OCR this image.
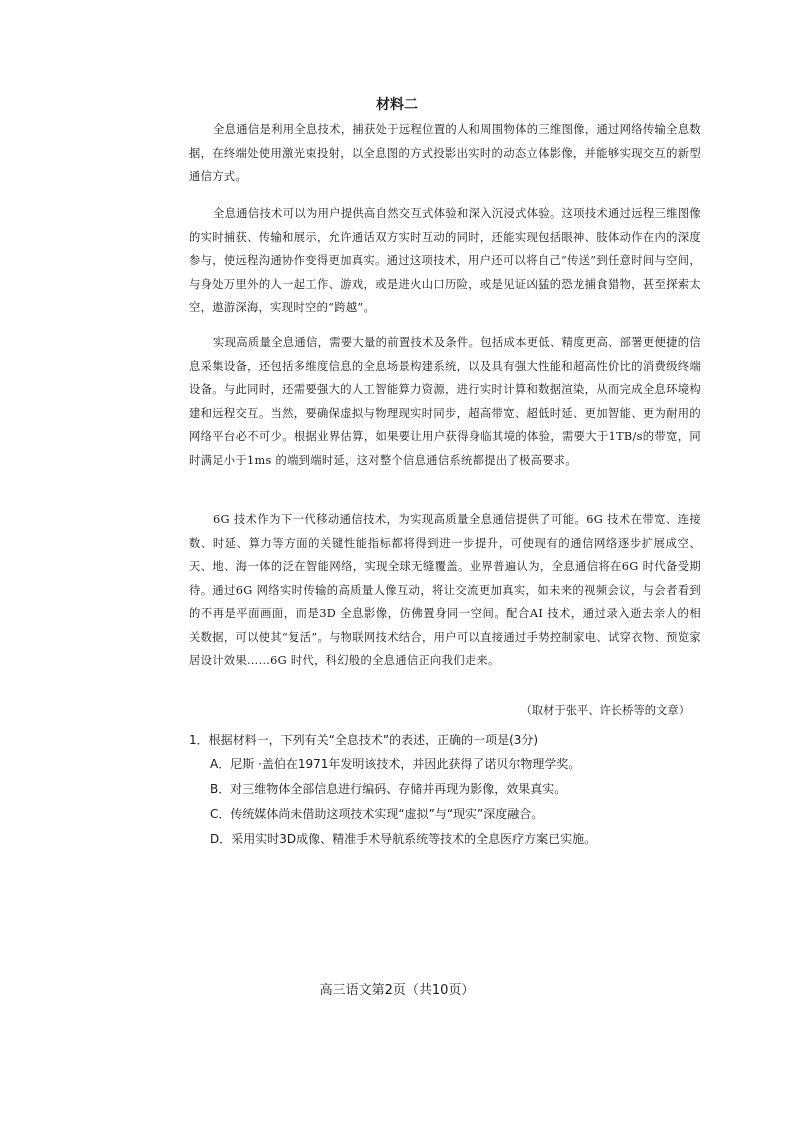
材料二

全息通信是利用全息技术，捕获处于远程位置的人和周围物体的三维图像，通过网络传输全息数据，在终端处使用激光束投射，以全息图的方式投影出实时的动态立体影像，并能够实现交互的新型通信方式。

全息通信技术可以为用户提供高自然交互式体验和深入沉浸式体验。这项技术通过远程三维图像的实时捕获、传输和展示，允许通话双方实时互动的同时，还能实现包括眼神、肢体动作在内的深度参与，使远程沟通协作变得更加真实。通过这项技术，用户还可以将自己“传送”到任意时间与空间，与身处万里外的人一起工作、游戏，或是进火山口历险，或是见证凶猛的恐龙捕食猎物，甚至探索太空，遨游深海，实现时空的“跨越”。

实现高质量全息通信，需要大量的前置技术及条件。包括成本更低、精度更高、部署更便捷的信息采集设备，还包括多维度信息的全息场景构建系统，以及具有强大性能和超高性价比的消费级终端设备。与此同时，还需要强大的人工智能算力资源，进行实时计算和数据渲染，从而完成全息环境构建和远程交互。当然，要确保虚拟与物理现实时同步，超高带宽、超低时延、更加智能、更为耐用的网络平台必不可少。根据业界估算，如果要让用户获得身临其境的体验，需要大于1TB/s的带宽，同时满足小于1ms 的端到端时延，这对整个信息通信系统都提出了极高要求。

6G 技术作为下一代移动通信技术，为实现高质量全息通信提供了可能。6G 技术在带宽、连接数、时延、算力等方面的关键性能指标都将得到进一步提升，可使现有的通信网络逐步扩展成空、天、地、海一体的泛在智能网络，实现全球无缝覆盖。业界普遍认为，全息通信将在6G 时代备受期待。通过6G 网络实时传输的高质量人像互动，将让交流更加真实，如未来的视频会议，与会者看到的不再是平面画面，而是3D 全息影像，仿佛置身同一空间。配合AI 技术，通过录入逝去亲人的相关数据，可以使其“复活”。与物联网技术结合，用户可以直接通过手势控制家电、试穿衣物、预览家居设计效果……6G 时代，科幻般的全息通信正向我们走来。

（取材于张平、许长桥等的文章）
1．根据材料一，下列有关“全息技术”的表述，正确的一项是(3分)
A．尼斯 ·盖伯在1971年发明该技术，并因此获得了诺贝尔物理学奖。
B．对三维物体全部信息进行编码、存储并再现为影像，效果真实。
C．传统媒体尚未借助这项技术实现“虚拟”与“现实”深度融合。
D．采用实时3D成像、精准手术导航系统等技术的全息医疗方案已实施。
高三语文第2页（共10页）
